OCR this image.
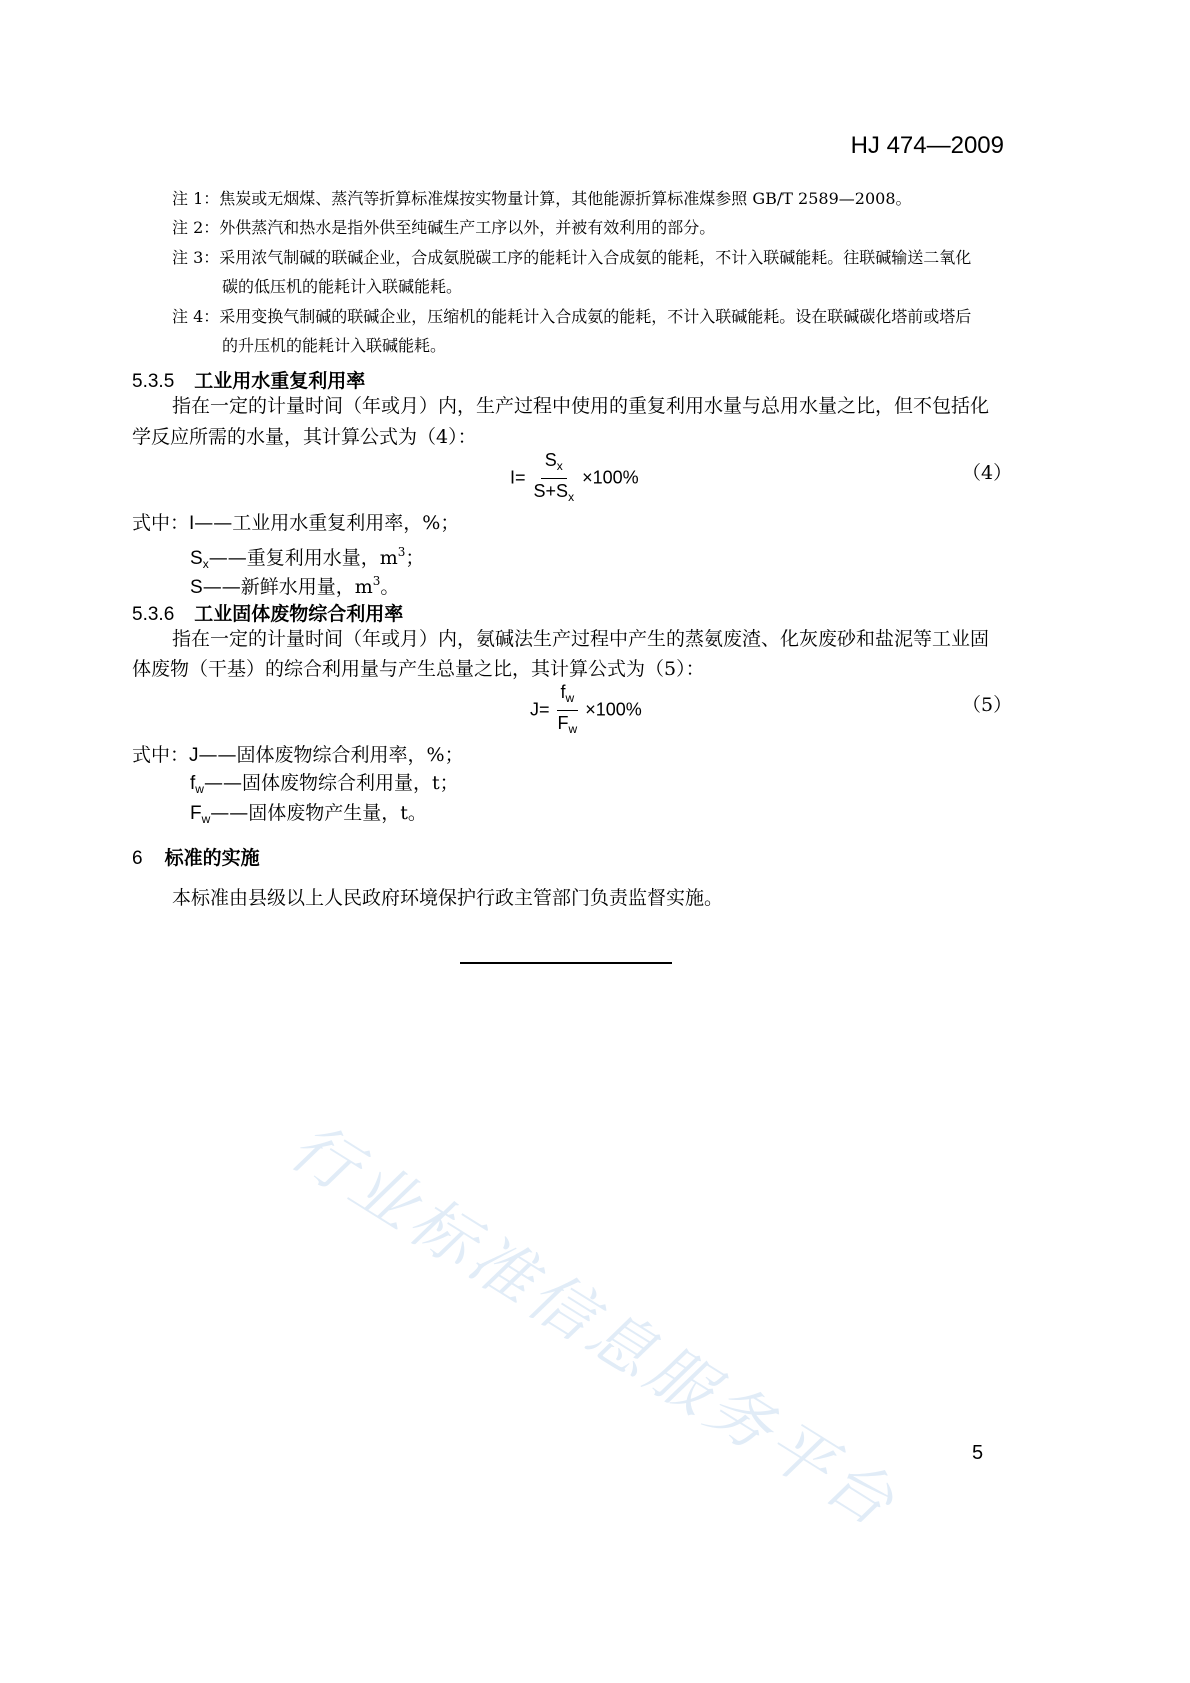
HJ 474—2009
注 1：焦炭或无烟煤、蒸汽等折算标准煤按实物量计算，其他能源折算标准煤参照 GB/T 2589—2008。
注 2：外供蒸汽和热水是指外供至纯碱生产工序以外，并被有效利用的部分。
注 3：采用浓气制碱的联碱企业，合成氨脱碳工序的能耗计入合成氨的能耗，不计入联碱能耗。往联碱输送二氧化
碳的低压机的能耗计入联碱能耗。
注 4：采用变换气制碱的联碱企业，压缩机的能耗计入合成氨的能耗，不计入联碱能耗。设在联碱碳化塔前或塔后
的升压机的能耗计入联碱能耗。
5.3.5 工业用水重复利用率
指在一定的计量时间（年或月）内，生产过程中使用的重复利用水量与总用水量之比，但不包括化
学反应所需的水量，其计算公式为（4）：
$I= \frac{S_x}{S+S_x} \times 100\%$	（4）
式中：I——工业用水重复利用率，%；
$S_x——$重复利用水量，$m^3$；
S——新鲜水用量，$m^3$。
5.3.6 工业固体废物综合利用率
指在一定的计量时间（年或月）内，氨碱法生产过程中产生的蒸氨废渣、化灰废砂和盐泥等工业固
体废物（干基）的综合利用量与产生总量之比，其计算公式为（5）：
$J= \frac{f_w}{F_w} \times 100\%$	（5）
式中：J——固体废物综合利用率，%；
$f_w——$固体废物综合利用量，t；
$F_w——$固体废物产生量，t。
6 标准的实施
本标准由县级以上人民政府环境保护行政主管部门负责监督实施。
行业标准信息服务平台	5
